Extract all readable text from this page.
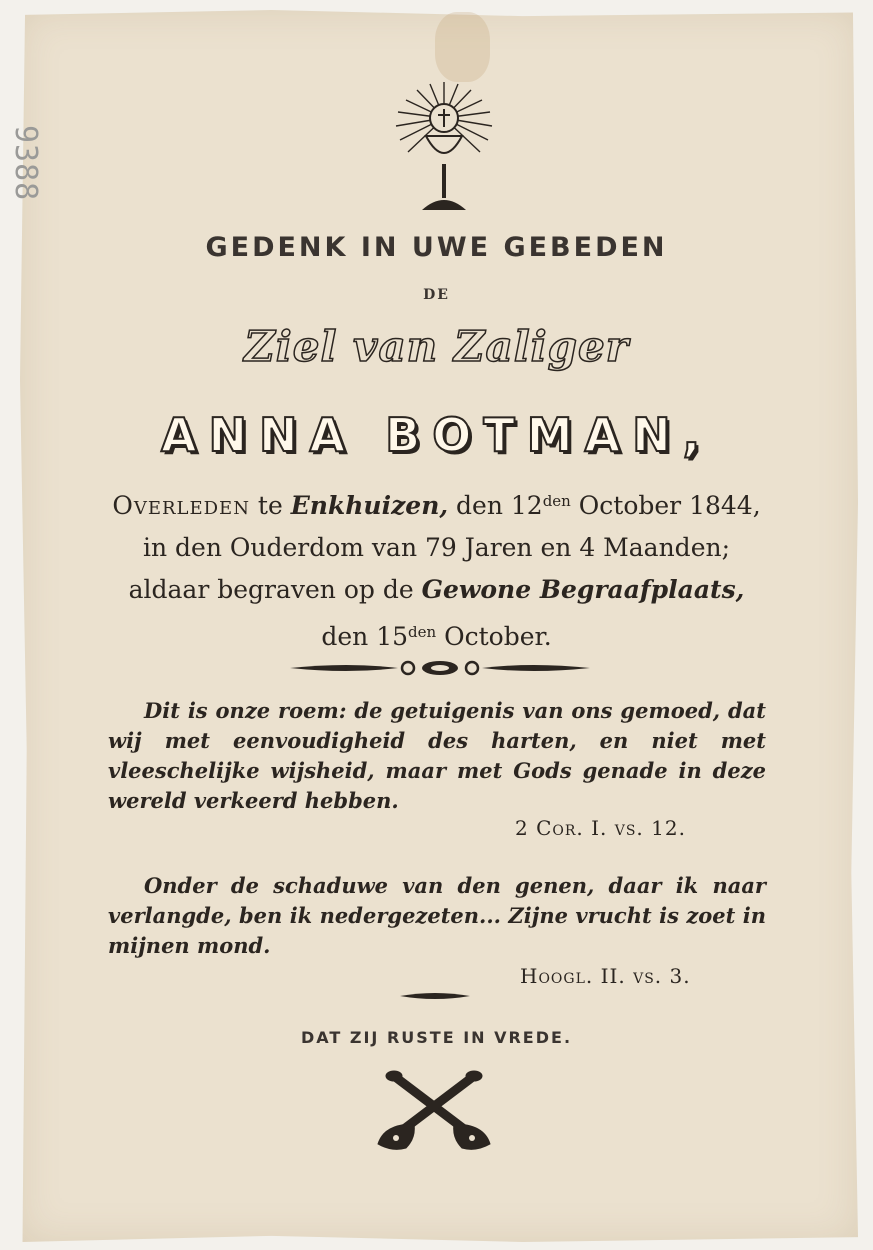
9388
GEDENK IN UWE GEBEDEN
DE
Ziel van Zaliger
ANNA BOTMAN,
Overleden te Enkhuizen, den $12^{den}$ October 1844,
in den Ouderdom van 79 Jaren en 4 Maanden;
aldaar begraven op de Gewone Begraafplaats,
den $15^{den}$ October.
Dit is onze roem: de getuigenis van ons gemoed, dat wij met eenvoudigheid des harten, en niet met vleeschelijke wijsheid, maar met Gods genade in deze wereld verkeerd hebben.
2 Cor. I. vs. 12.
Onder de schaduwe van den genen, daar ik naar verlangde, ben ik nedergezeten... Zijne vrucht is zoet in mijnen mond.
Hoogl. II. vs. 3.
DAT ZIJ RUSTE IN VREDE.
